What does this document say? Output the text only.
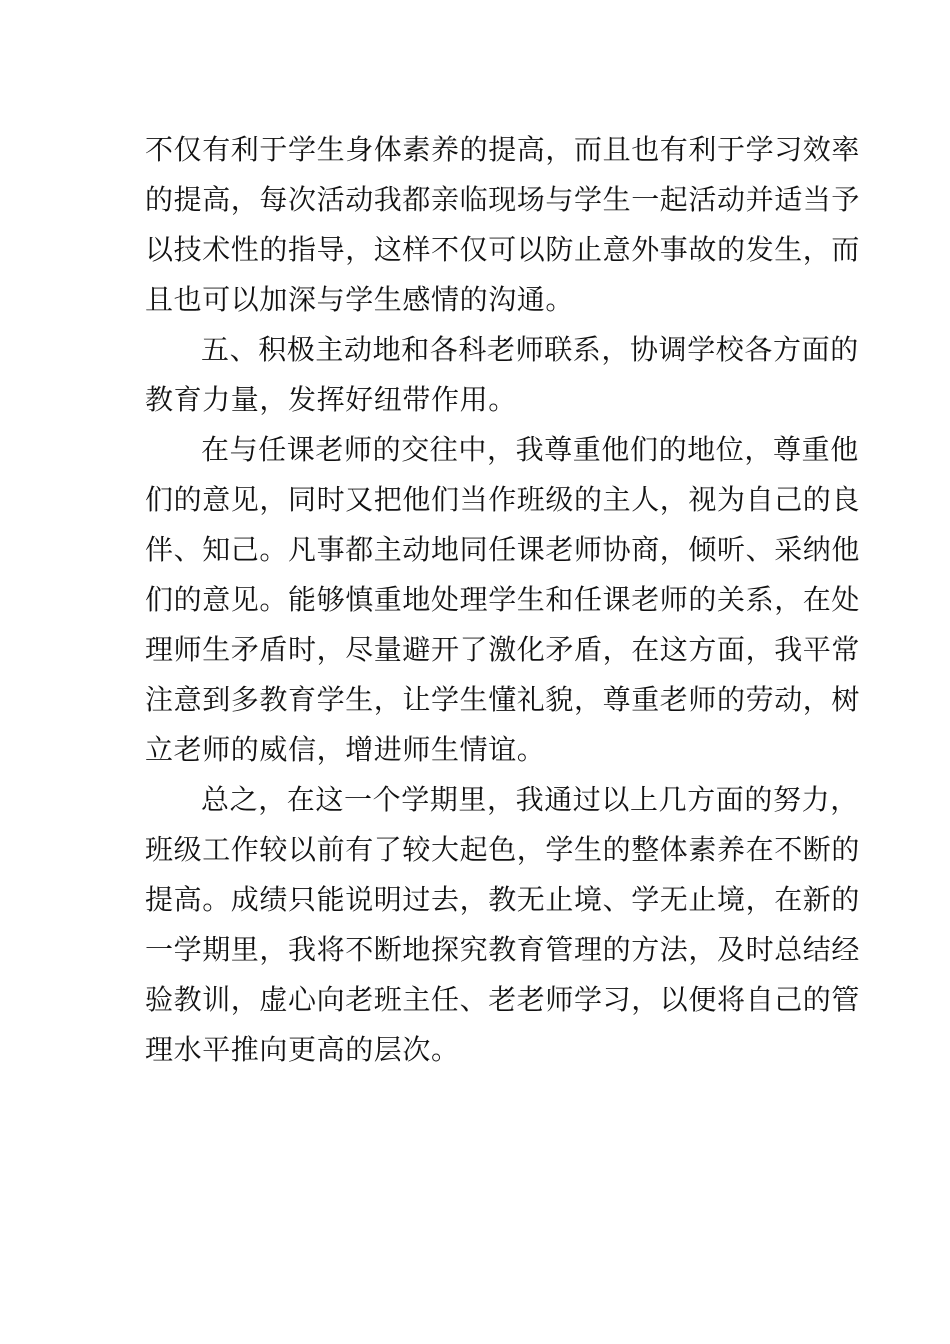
不仅有利于学生身体素养的提高，而且也有利于学习效率

的提高，每次活动我都亲临现场与学生一起活动并适当予

以技术性的指导，这样不仅可以防止意外事故的发生，而

且也可以加深与学生感情的沟通。

五、积极主动地和各科老师联系，协调学校各方面的

教育力量，发挥好纽带作用。

在与任课老师的交往中，我尊重他们的地位，尊重他

们的意见，同时又把他们当作班级的主人，视为自己的良

伴、知己。凡事都主动地同任课老师协商，倾听、采纳他

们的意见。能够慎重地处理学生和任课老师的关系，在处

理师生矛盾时，尽量避开了激化矛盾，在这方面，我平常

注意到多教育学生，让学生懂礼貌，尊重老师的劳动，树

立老师的威信，增进师生情谊。

总之，在这一个学期里，我通过以上几方面的努力，

班级工作较以前有了较大起色，学生的整体素养在不断的

提高。成绩只能说明过去，教无止境、学无止境，在新的

一学期里，我将不断地探究教育管理的方法，及时总结经

验教训，虚心向老班主任、老老师学习，以便将自己的管

理水平推向更高的层次。
